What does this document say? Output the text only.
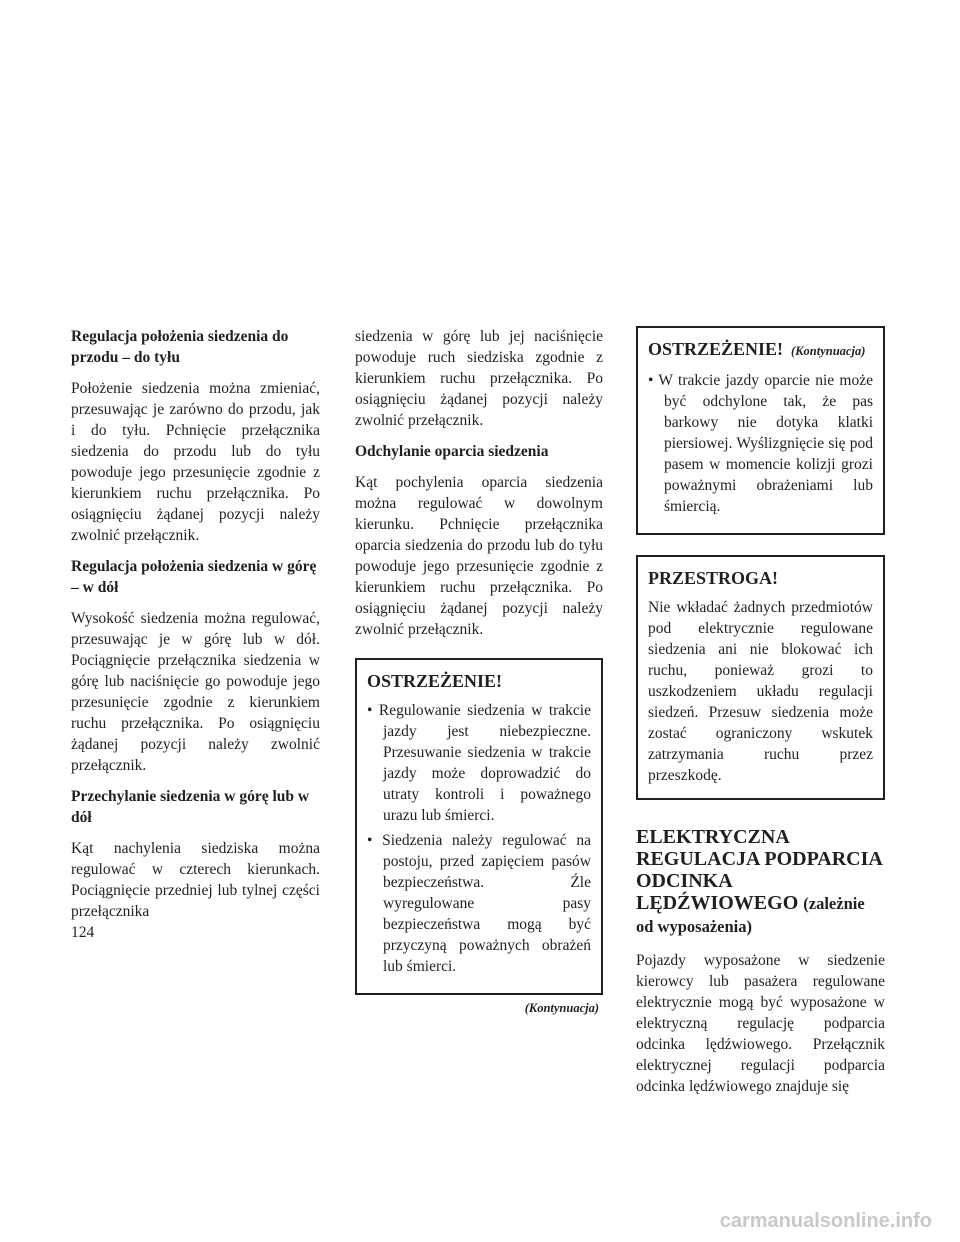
Regulacja położenia siedzenia do przodu – do tyłu
Położenie siedzenia można zmieniać, przesuwając je zarówno do przodu, jak i do tyłu. Pchnięcie przełącznika siedzenia do przodu lub do tyłu powoduje jego przesunięcie zgodnie z kierunkiem ruchu przełącznika. Po osiągnięciu żądanej pozycji należy zwolnić przełącznik.
Regulacja położenia siedzenia w górę – w dół
Wysokość siedzenia można regulować, przesuwając je w górę lub w dół. Pociągnięcie przełącznika siedzenia w górę lub naciśnięcie go powoduje jego przesunięcie zgodnie z kierunkiem ruchu przełącznika. Po osiągnięciu żądanej pozycji należy zwolnić przełącznik.
Przechylanie siedzenia w górę lub w dół
Kąt nachylenia siedziska można regulować w czterech kierunkach. Pociągnięcie przedniej lub tylnej części przełącznika
siedzenia w górę lub jej naciśnięcie powoduje ruch siedziska zgodnie z kierunkiem ruchu przełącznika. Po osiągnięciu żądanej pozycji należy zwolnić przełącznik.
Odchylanie oparcia siedzenia
Kąt pochylenia oparcia siedzenia można regulować w dowolnym kierunku. Pchnięcie przełącznika oparcia siedzenia do przodu lub do tyłu powoduje jego przesunięcie zgodnie z kierunkiem ruchu przełącznika. Po osiągnięciu żądanej pozycji należy zwolnić przełącznik.
OSTRZEŻENIE!
• Regulowanie siedzenia w trakcie jazdy jest niebezpieczne. Przesuwanie siedzenia w trakcie jazdy może doprowadzić do utraty kontroli i poważnego urazu lub śmierci.
• Siedzenia należy regulować na postoju, przed zapięciem pasów bezpieczeństwa. Źle wyregulowane pasy bezpieczeństwa mogą być przyczyną poważnych obrażeń lub śmierci.
(Kontynuacja)
OSTRZEŻENIE! (Kontynuacja)
• W trakcie jazdy oparcie nie może być odchylone tak, że pas barkowy nie dotyka klatki piersiowej. Wyślizgnięcie się pod pasem w momencie kolizji grozi poważnymi obrażeniami lub śmiercią.
PRZESTROGA!
Nie wkładać żadnych przedmiotów pod elektrycznie regulowane siedzenia ani nie blokować ich ruchu, ponieważ grozi to uszkodzeniem układu regulacji siedzeń. Przesuw siedzenia może zostać ograniczony wskutek zatrzymania ruchu przez przeszkodę.
ELEKTRYCZNA REGULACJA PODPARCIA ODCINKA LĘDŹWIOWEGO (zależnie od wyposażenia)
Pojazdy wyposażone w siedzenie kierowcy lub pasażera regulowane elektrycznie mogą być wyposażone w elektryczną regulację podparcia odcinka lędźwiowego. Przełącznik elektrycznej regulacji podparcia odcinka lędźwiowego znajduje się
124
carmanualsonline.info
